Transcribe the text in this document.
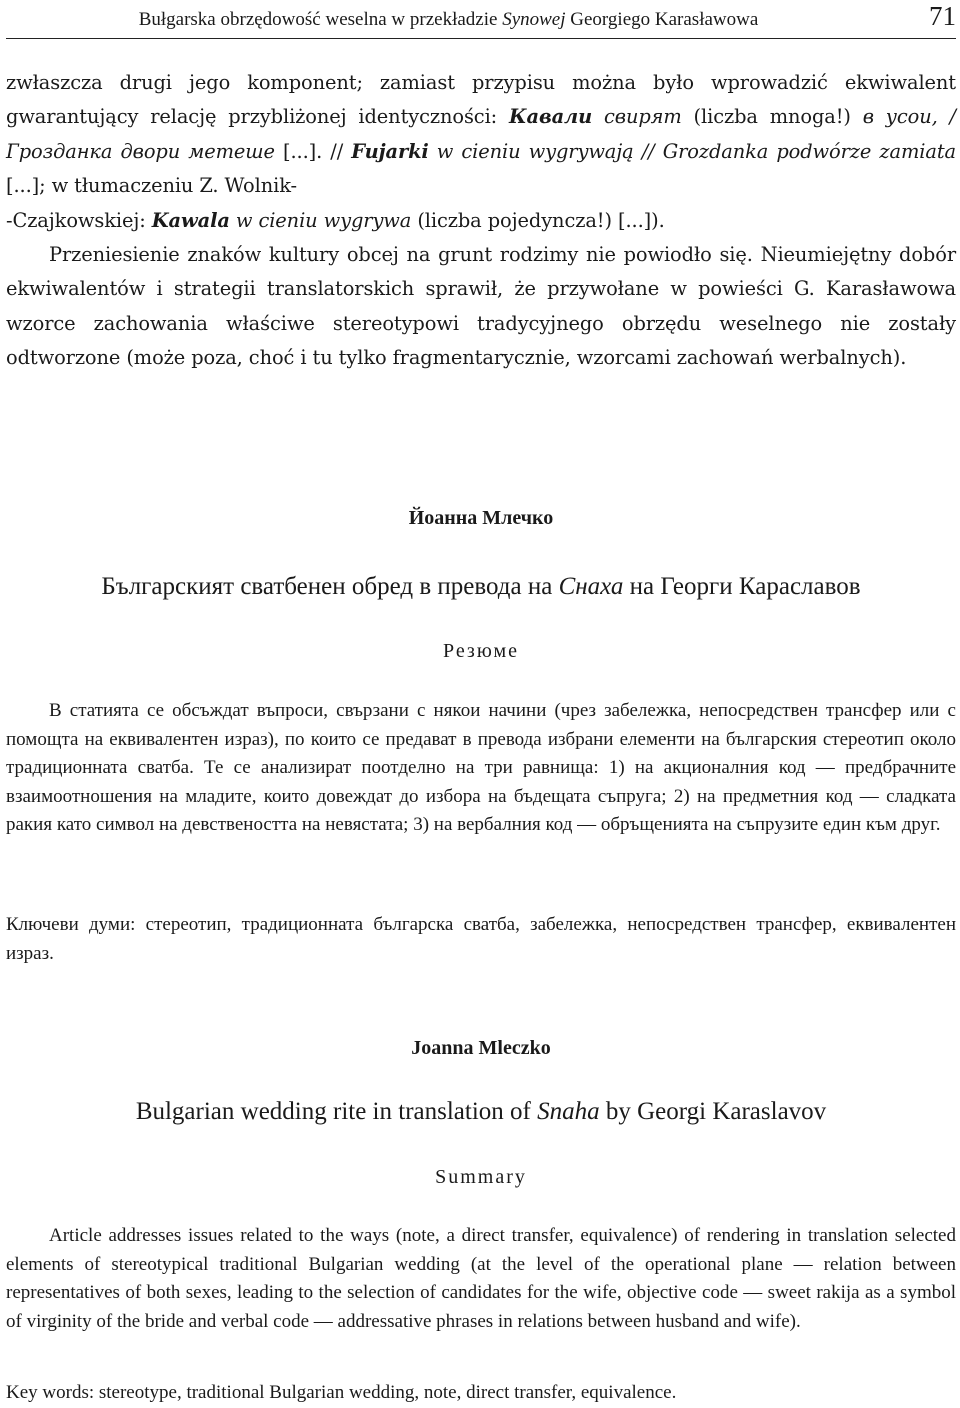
Bułgarska obrzędowość weselna w przekładzie Synowej Georgiego Karasławowa	71

zwłaszcza drugi jego komponent; zamiast przypisu można było wprowadzić ekwiwalent gwarantujący relację przybliżonej identyczności: Кавали свирят (liczba mnoga!) в усои, / Грозданка двори метеше [...]. // Fujarki w cieniu wygrywają // Grozdanka podwórze zamiata [...]; w tłumaczeniu Z. Wolnik-
-Czajkowskiej: Kawala w cieniu wygrywa (liczba pojedyncza!) [...]).

Przeniesienie znaków kultury obcej na grunt rodzimy nie powiodło się. Nieumiejętny dobór ekwiwalentów i strategii translatorskich sprawił, że przywołane w powieści G. Karasławowa wzorce zachowania właściwe stereotypowi tradycyjnego obrzędu weselnego nie zostały odtworzone (może poza, choć i tu tylko fragmentarycznie, wzorcami zachowań werbalnych).

Йоанна Млечко
Българският сватбенен обред в превода на Снаха на Георги Караславов
Резюме

В статията се обсъждат въпроси, свързани с някои начини (чрез забележка, непосредствен трансфер или с помощта на еквивалентен израз), по които се предават в превода избрани елементи на българския стереотип около традиционната сватба. Те се анализират поотделно на три равнища: 1) на акционалния код — предбрачните взаимоотношения на младите, които довеждат до избора на бъдещата съпруга; 2) на предметния код — сладката ракия като символ на девствеността на невястата; 3) на вербалния код — обръщенията на съпрузите един към друг.

Ключеви думи: стереотип, традиционната българска сватба, забележка, непосредствен трансфер, еквивалентен израз.

Joanna Mleczko
Bulgarian wedding rite in translation of Snaha by Georgi Karaslavov
Summary

Article addresses issues related to the ways (note, a direct transfer, equivalence) of rendering in translation selected elements of stereotypical traditional Bulgarian wedding (at the level of the operational plane — relation between representatives of both sexes, leading to the selection of candidates for the wife, objective code — sweet rakija as a symbol of virginity of the bride and verbal code — addressative phrases in relations between husband and wife).

Key words: stereotype, traditional Bulgarian wedding, note, direct transfer, equivalence.
